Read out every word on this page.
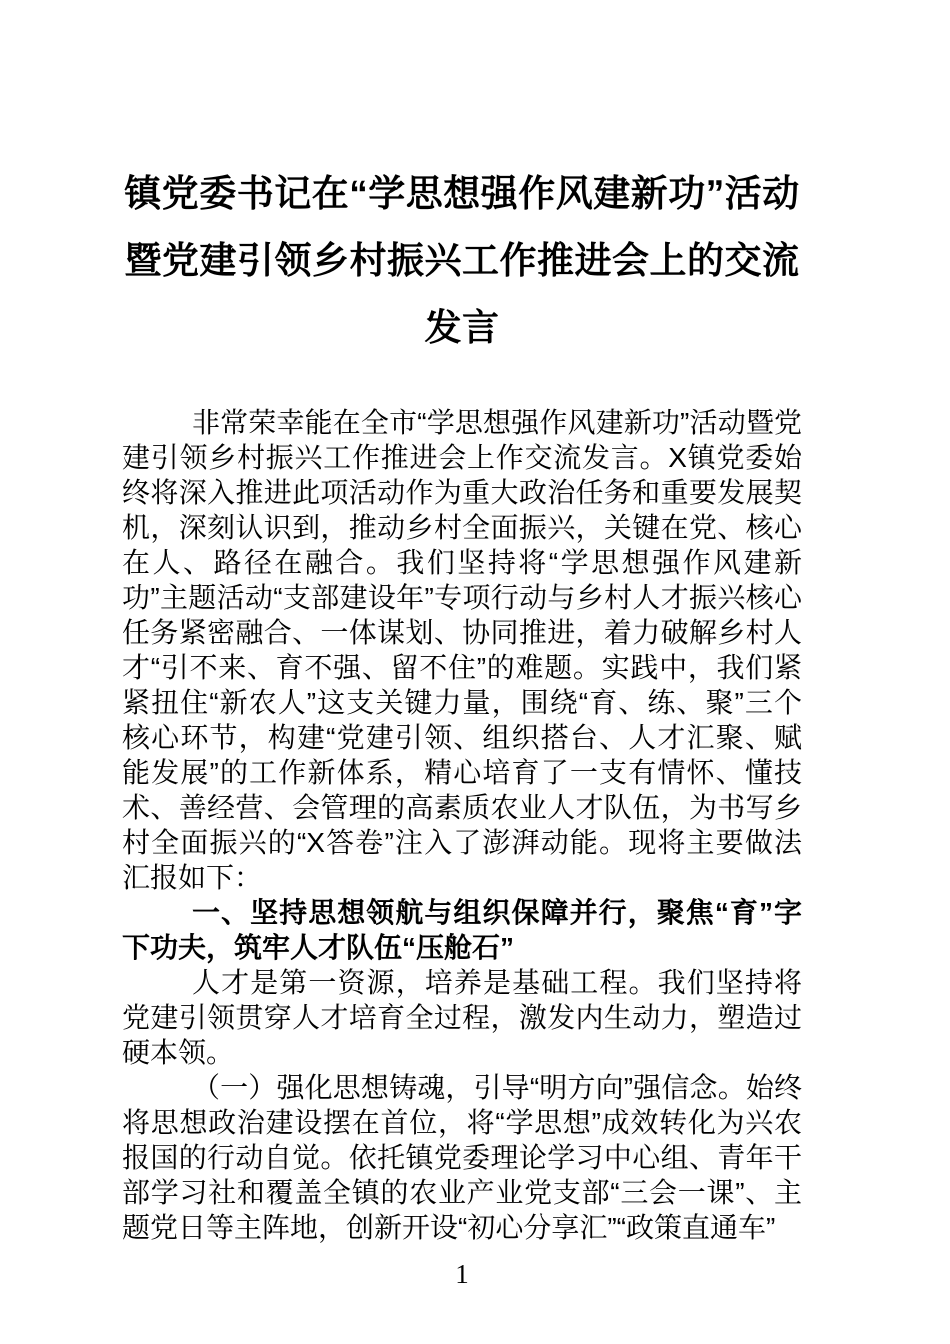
镇党委书记在“学思想强作风建新功”活动暨党建引领乡村振兴工作推进会上的交流发言

非常荣幸能在全市“学思想强作风建新功”活动暨党建引领乡村振兴工作推进会上作交流发言。X镇党委始终将深入推进此项活动作为重大政治任务和重要发展契机，深刻认识到，推动乡村全面振兴，关键在党、核心在人、路径在融合。我们坚持将“学思想强作风建新功”主题活动“支部建设年”专项行动与乡村人才振兴核心任务紧密融合、一体谋划、协同推进，着力破解乡村人才“引不来、育不强、留不住”的难题。实践中，我们紧紧扭住“新农人”这支关键力量，围绕“育、练、聚”三个核心环节，构建“党建引领、组织搭台、人才汇聚、赋能发展”的工作新体系，精心培育了一支有情怀、懂技术、善经营、会管理的高素质农业人才队伍，为书写乡村全面振兴的“X答卷”注入了澎湃动能。现将主要做法汇报如下：

一、坚持思想领航与组织保障并行，聚焦“育”字下功夫，筑牢人才队伍“压舱石”

人才是第一资源，培养是基础工程。我们坚持将党建引领贯穿人才培育全过程，激发内生动力，塑造过硬本领。

（一）强化思想铸魂，引导“明方向”强信念。始终将思想政治建设摆在首位，将“学思想”成效转化为兴农报国的行动自觉。依托镇党委理论学习中心组、青年干部学习社和覆盖全镇的农业产业党支部“三会一课”、主题党日等主阵地，创新开设“初心分享汇”“政策直通车”

1
